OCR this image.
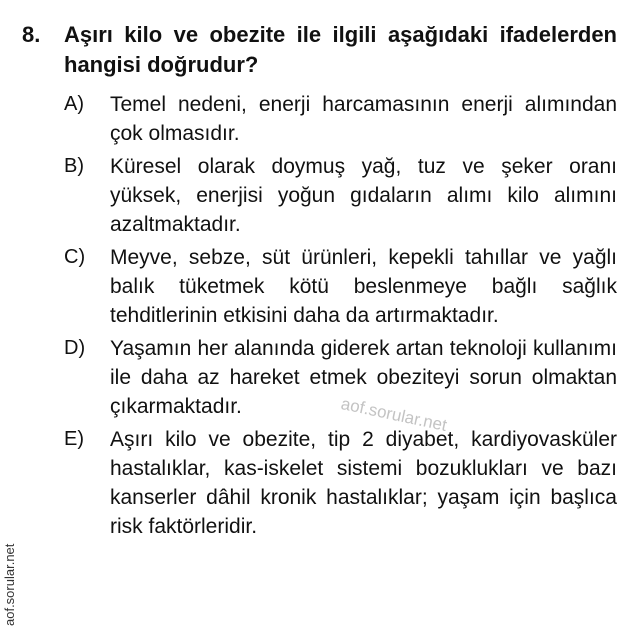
8.	Aşırı kilo ve obezite ile ilgili aşağıdaki ifadelerden hangisi doğrudur?
A)	Temel nedeni, enerji harcamasının enerji alımından çok olmasıdır.
B)	Küresel olarak doymuş yağ, tuz ve şeker oranı yüksek, enerjisi yoğun gıdaların alımı kilo alımını azaltmaktadır.
C)	Meyve, sebze, süt ürünleri, kepekli tahıllar ve yağlı balık tüketmek kötü beslenmeye bağlı sağlık tehditlerinin etkisini daha da artırmaktadır.
D)	Yaşamın her alanında giderek artan teknoloji kullanımı ile daha az hareket etmek obeziteyi sorun olmaktan çıkarmaktadır.
E)	Aşırı kilo ve obezite, tip 2 diyabet, kardiyovasküler hastalıklar, kas-iskelet sistemi bozuklukları ve bazı kanserler dâhil kronik hastalıklar; yaşam için başlıca risk faktörleridir.
aof.sorular.net
aof.sorular.net
